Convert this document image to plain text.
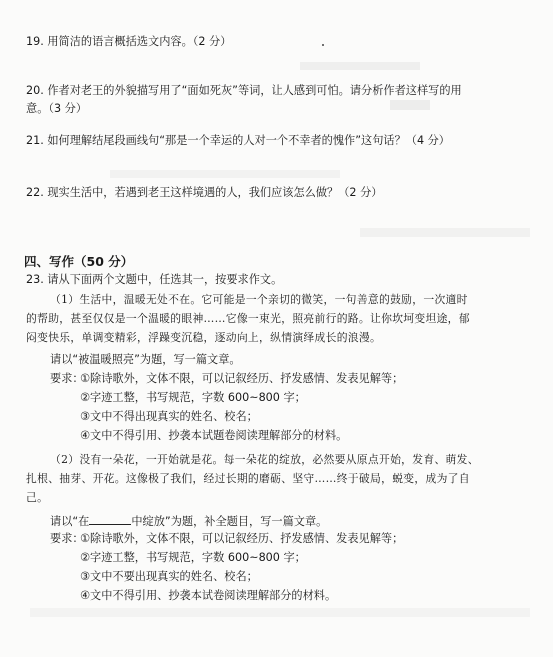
19. 用简洁的语言概括选文内容。（2 分）
20. 作者对老王的外貌描写用了“面如死灰”等词，让人感到可怕。请分析作者这样写的用
意。（3 分）
21. 如何理解结尾段画线句“那是一个幸运的人对一个不幸者的愧作”这句话？（4 分）
22. 现实生活中，若遇到老王这样境遇的人，我们应该怎么做？（2 分）
四、写作（50 分）
23. 请从下面两个文题中，任选其一，按要求作文。
（1）生活中，温暖无处不在。它可能是一个亲切的微笑，一句善意的鼓励，一次適时
的帮助，甚至仅仅是一个温暖的眼神……它像一束光，照亮前行的路。让你坎坷变坦途，郁
闷变快乐，单调变精彩，浮躁变沉稳，逐动向上，纵情演绎成长的浪漫。
请以“被温暖照亮”为题，写一篇文章。
要求：
①除诗歌外，文体不限，可以记叙经历、抒发感情、发表见解等；
②字迹工整，书写规范，字数 600~800 字；
③文中不得出现真实的姓名、校名；
④文中不得引用、抄袭本试题卷阅读理解部分的材料。
（2）没有一朵花，一开始就是花。每一朵花的绽放，必然要从原点开始，发育、萌发、
扎根、抽芽、开花。这像极了我们，经过长期的磨砺、坚守……终于破局，蜕变，成为了自
己。
请以“在	中绽放”为题，补全题目，写一篇文章。
要求：
①除诗歌外，文体不限，可以记叙经历、抒发感情、发表见解等；
②字迹工整，书写规范，字数 600~800 字；
③文中不要出现真实的姓名、校名；
④文中不得引用、抄袭本试卷阅读理解部分的材料。
